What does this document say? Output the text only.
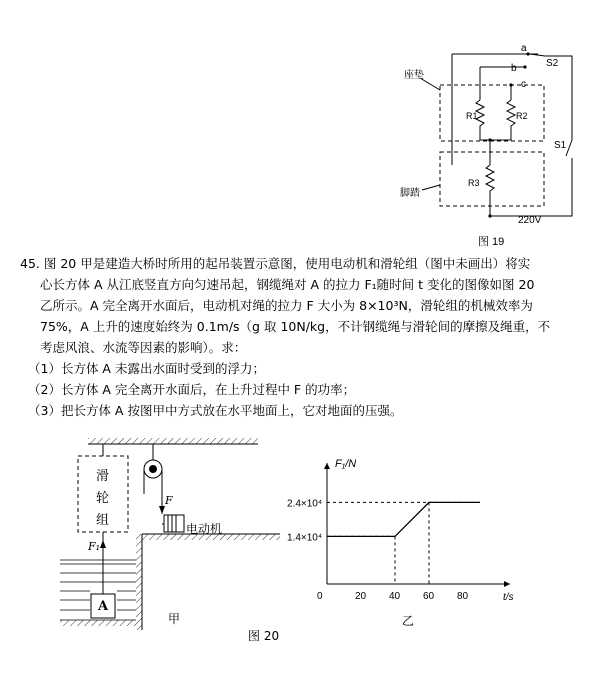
a
b
c
S2
S1
R1	R2
R3
座垫
脚踏
220V
图 19
45. 图 20 甲是建造大桥时所用的起吊装置示意图，使用电动机和滑轮组（图中未画出）将实
心长方体 A 从江底竖直方向匀速吊起，钢缆绳对 A 的拉力 F₁随时间 t 变化的图像如图 20
乙所示。A 完全离开水面后，电动机对绳的拉力 F 大小为 8×10³N，滑轮组的机械效率为
75%，A 上升的速度始终为 0.1m/s（g 取 10N/kg，不计钢缆绳与滑轮间的摩擦及绳重，不
考虑风浪、水流等因素的影响）。求：
（1）长方体 A 未露出水面时受到的浮力；
（2）长方体 A 完全离开水面后，在上升过程中 F 的功率；
（3）把长方体 A 按图甲中方式放在水平地面上，它对地面的压强。
滑
轮
组
F
电动机
F₁
A
甲
F₁/N
t/s
0	20 40 60 80
1.4×10⁴
2.4×10⁴
乙
图 20
